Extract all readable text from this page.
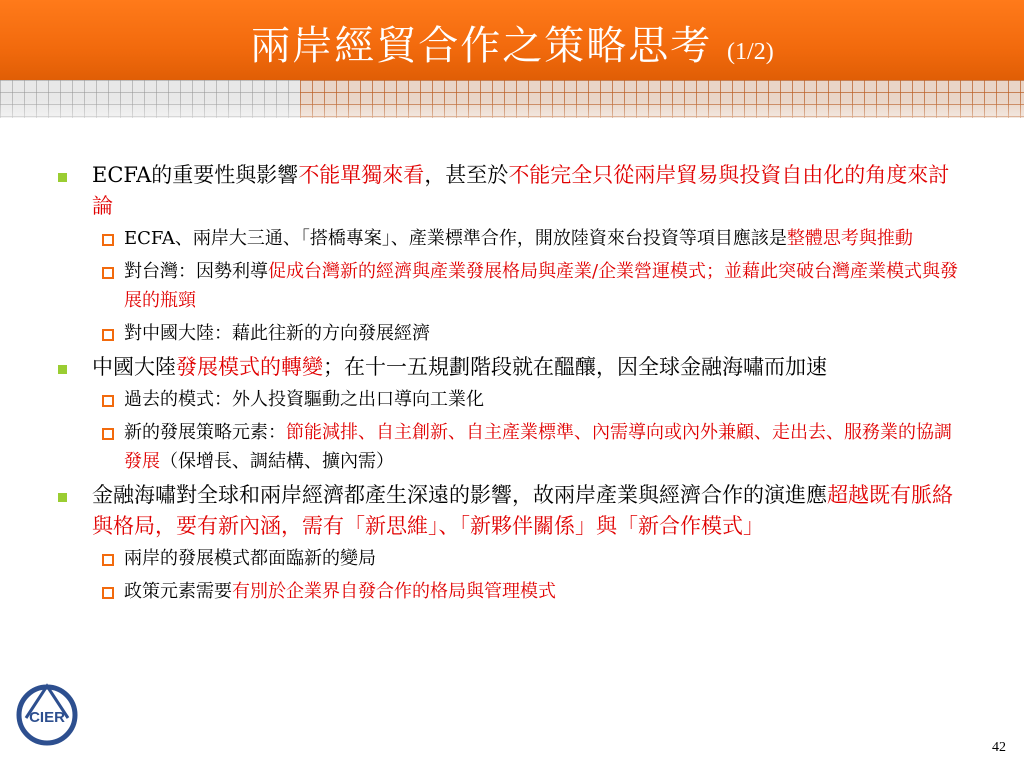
兩岸經貿合作之策略思考 (1/2)
ECFA的重要性與影響不能單獨來看，甚至於不能完全只從兩岸貿易與投資自由化的角度來討論
ECFA、兩岸大三通、「搭橋專案」、產業標準合作，開放陸資來台投資等項目應該是整體思考與推動
對台灣：因勢利導促成台灣新的經濟與產業發展格局與產業/企業營運模式；並藉此突破台灣產業模式與發展的瓶頸
對中國大陸：藉此往新的方向發展經濟
中國大陸發展模式的轉變；在十一五規劃階段就在醞釀，因全球金融海嘯而加速
過去的模式：外人投資驅動之出口導向工業化
新的發展策略元素：節能減排、自主創新、自主產業標準、內需導向或內外兼顧、走出去、服務業的協調發展（保增長、調結構、擴內需）
金融海嘯對全球和兩岸經濟都產生深遠的影響，故兩岸產業與經濟合作的演進應超越既有脈絡與格局，要有新內涵，需有「新思維」、「新夥伴關係」與「新合作模式」
兩岸的發展模式都面臨新的變局
政策元素需要有別於企業界自發合作的格局與管理模式
CIER
42
